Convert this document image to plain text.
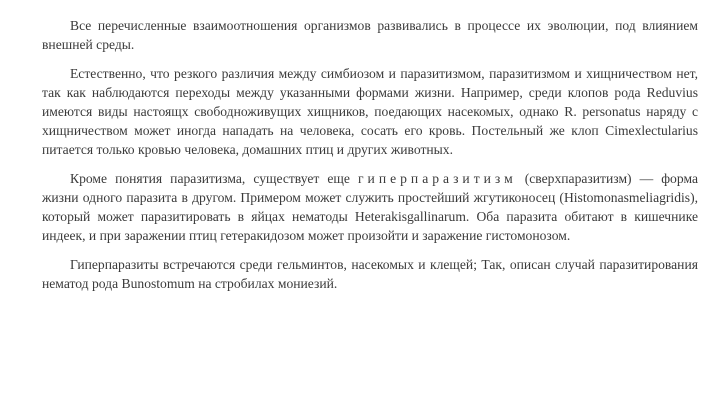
Все перечисленные взаимоотношения организмов развивались в процессе их эволюции, под влиянием внешней среды.

Естественно, что резкого различия между симбиозом и паразитизмом, паразитизмом и хищничеством нет, так как наблюдаются переходы между указанными формами жизни. Например, среди клопов рода Reduvius имеются виды настоящх свободноживущих хищников, поедающих насекомых, однако R. personatus наряду с хищничеством может иногда нападать на человека, сосать его кровь. Постельный же клоп Cimexlectularius питается только кровью человека, домашних птиц и других животных.

Кроме понятия паразитизма, существует еще гиперпаразитизм (сверхпаразитизм) — форма жизни одного паразита в другом. Примером может служить простейший жгутиконосец (Histomonasmeliagridis), который может паразитировать в яйцах нематоды Heterakisgallinarum. Оба паразита обитают в кишечнике индеек, и при заражении птиц гетеракидозом может произойти и заражение гистомонозом.

Гиперпаразиты встречаются среди гельминтов, насекомых и клещей; Так, описан случай паразитирования нематод рода Bunostomum на стробилах мониезий.
